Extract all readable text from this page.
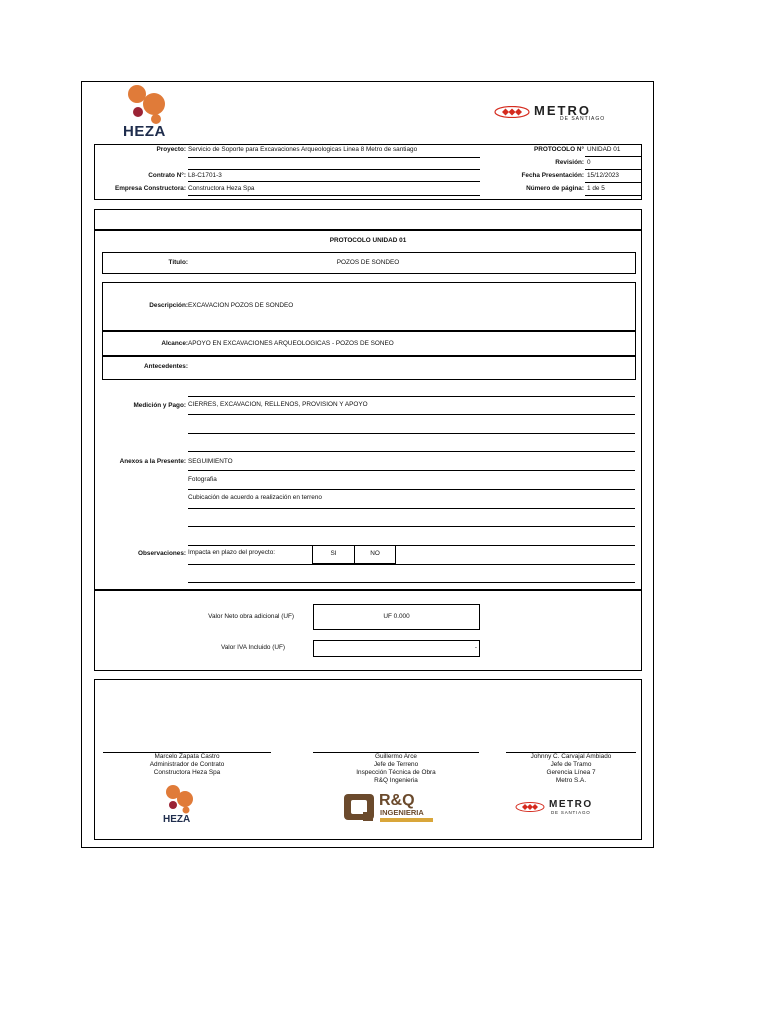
HEZA
METRO
DE SANTIAGO
Proyecto: Servicio de Soporte para Excavaciones Arqueologicas Linea 8 Metro de santiago
Contrato N°: L8-C1701-3
Empresa Constructora: Constructora Heza Spa
PROTOCOLO N° UNIDAD 01
Revisión: 0
Fecha Presentación: 15/12/2023
Número de página: 1 de 5
PROTOCOLO UNIDAD 01
Título:	POZOS DE SONDEO
Descripción: EXCAVACION POZOS DE SONDEO
Alcance: APOYO EN EXCAVACIONES ARQUEOLOGICAS - POZOS DE SONEO
Antecedentes:
Medición y Pago: CIERRES, EXCAVACION, RELLENOS, PROVISION Y APOYO
Anexos a la Presente: SEGUIMIENTO
Fotografia
Cubicación de acuerdo a realización en terreno
Observaciones: Impacta en plazo del proyecto:	SI	NO
Valor Neto obra adicional (UF)	UF 0.000
Valor IVA Incluido (UF)	-
Marcelo Zapata Castro
Administrador de Contrato
Constructora Heza Spa
Guillermo Arce
Jefe de Terreno
Inspección Técnica de Obra
R&Q Ingenieria
Johnny C. Carvajal Ambiado
Jefe de Tramo
Gerencia Línea 7
Metro S.A.
HEZA
R&Q
INGENIERIA
METRO
DE SANTIAGO
